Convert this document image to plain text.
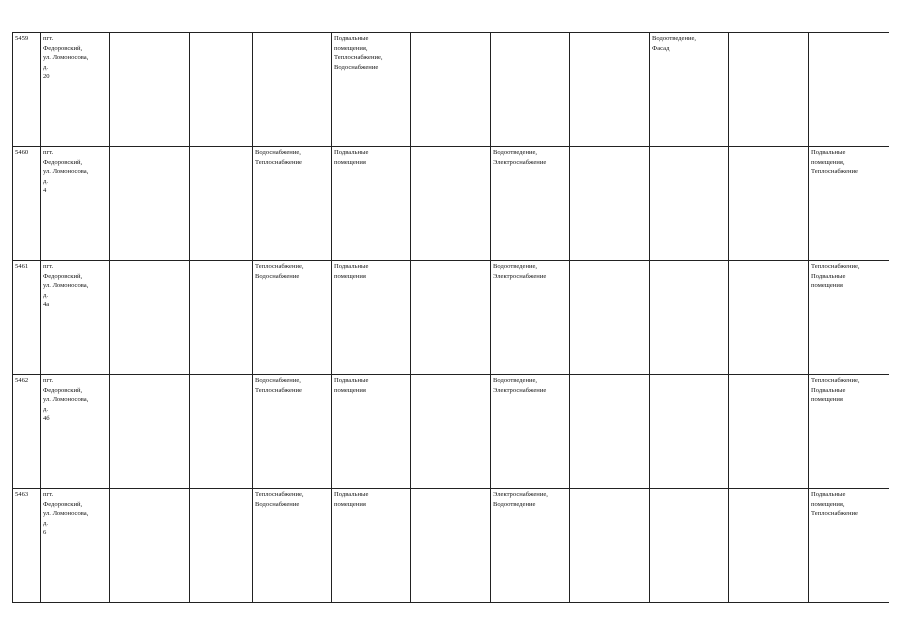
5459	пгт.
Федоровский,
ул. Ломоносова,
д.
20				Подвальные
помещения,
Теплоснабжение,
Водоснабжение				Водоотведение,
Фасад		
5460	пгт.
Федоровский,
ул. Ломоносова,
д.
4			Водоснабжение,
Теплоснабжение	Подвальные
помещения		Водоотведение,
Электроснабжение				Подвальные
помещения,
Теплоснабжение
5461	пгт.
Федоровский,
ул. Ломоносова,
д.
4а			Теплоснабжение,
Водоснабжение	Подвальные
помещения		Водоотведение,
Электроснабжение				Теплоснабжение,
Подвальные
помещения
5462	пгт.
Федоровский,
ул. Ломоносова,
д.
4б			Водоснабжение,
Теплоснабжение	Подвальные
помещения		Водоотведение,
Электроснабжение				Теплоснабжение,
Подвальные
помещения
5463	пгт.
Федоровский,
ул. Ломоносова,
д.
6			Теплоснабжение,
Водоснабжение	Подвальные
помещения		Электроснабжение,
Водоотведение				Подвальные
помещения,
Теплоснабжение
